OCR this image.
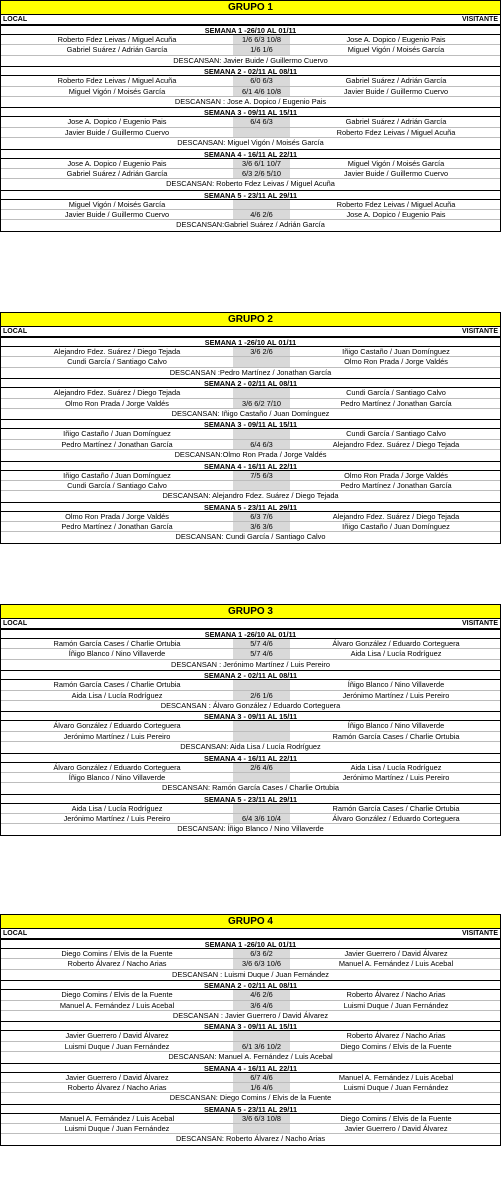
GRUPO 1
LOCAL	VISITANTE
SEMANA 1 -26/10 AL 01/11
Roberto Fdez Leivas / Miguel Acuña	1/6 6/3 10/8	Jose A. Dopico / Eugenio Pais
Gabriel Suárez / Adrián García	1/6 1/6	Miguel Vigón / Moisés García
DESCANSAN: Javier Buide / Guillermo Cuervo
SEMANA 2 - 02/11 AL 08/11
Roberto Fdez Leivas / Miguel Acuña	6/0 6/3	Gabriel Suárez / Adrián García
Miguel Vigón / Moisés García	6/1 4/6 10/8	Javier Buide / Guillermo Cuervo
DESCANSAN : Jose A. Dopico / Eugenio Pais
SEMANA 3 - 09/11 AL 15/11
Jose A. Dopico / Eugenio Pais	6/4 6/3	Gabriel Suárez / Adrián García
Javier Buide / Guillermo Cuervo	Roberto Fdez Leivas / Miguel Acuña
DESCANSAN: Miguel Vigón / Moisés García
SEMANA 4 - 16/11 AL 22/11
Jose A. Dopico / Eugenio Pais	3/6 6/1 10/7	Miguel Vigón / Moisés García
Gabriel Suárez / Adrián García	6/3 2/6 5/10	Javier Buide / Guillermo Cuervo
DESCANSAN: Roberto Fdez Leivas / Miguel Acuña
SEMANA 5 - 23/11 AL 29/11
Miguel Vigón / Moisés García	Roberto Fdez Leivas / Miguel Acuña
Javier Buide / Guillermo Cuervo	4/6 2/6	Jose A. Dopico / Eugenio Pais
DESCANSAN:Gabriel Suárez / Adrián García
GRUPO 2
LOCAL	VISITANTE
SEMANA 1 -26/10 AL 01/11
Alejandro Fdez. Suárez / Diego Tejada	3/6 2/6	Iñigo Castaño / Juan Domínguez
Cundi García / Santiago Calvo	Olmo Ron Prada / Jorge Valdés
DESCANSAN :Pedro Martínez / Jonathan García
SEMANA 2 - 02/11 AL 08/11
Alejandro Fdez. Suárez / Diego Tejada	Cundi García / Santiago Calvo
Olmo Ron Prada / Jorge Valdés	3/6 6/2 7/10	Pedro Martínez / Jonathan García
DESCANSAN: Iñigo Castaño / Juan Domínguez
SEMANA 3 - 09/11 AL 15/11
Iñigo Castaño / Juan Domínguez	Cundi García / Santiago Calvo
Pedro Martínez / Jonathan García	6/4 6/3	Alejandro Fdez. Suárez / Diego Tejada
DESCANSAN:Olmo Ron Prada / Jorge Valdés
SEMANA 4 - 16/11 AL 22/11
Iñigo Castaño / Juan Domínguez	7/5 6/3	Olmo Ron Prada / Jorge Valdés
Cundi García / Santiago Calvo	Pedro Martínez / Jonathan García
DESCANSAN: Alejandro Fdez. Suárez / Diego Tejada
SEMANA 5 - 23/11 AL 29/11
Olmo Ron Prada / Jorge Valdés	6/3 7/6	Alejandro Fdez. Suárez / Diego Tejada
Pedro Martínez / Jonathan García	3/6 3/6	Iñigo Castaño / Juan Domínguez
DESCANSAN: Cundi García / Santiago Calvo
GRUPO 3
LOCAL	VISITANTE
SEMANA 1 -26/10 AL 01/11
Ramón García Cases / Charlie Ortubia	5/7 4/6	Álvaro González / Eduardo Corteguera
Íñigo Blanco / Nino Villaverde	5/7 4/6	Aida Lisa / Lucía Rodríguez
DESCANSAN : Jerónimo Martínez / Luis Pereiro
SEMANA 2 - 02/11 AL 08/11
Ramón García Cases / Charlie Ortubia	Íñigo Blanco / Nino Villaverde
Aida Lisa / Lucía Rodríguez	2/6 1/6	Jerónimo Martínez / Luis Pereiro
DESCANSAN : Álvaro González / Eduardo Corteguera
SEMANA 3 - 09/11 AL 15/11
Álvaro González / Eduardo Corteguera	Íñigo Blanco / Nino Villaverde
Jerónimo Martínez / Luis Pereiro	Ramón García Cases / Charlie Ortubia
DESCANSAN: Aida Lisa / Lucía Rodríguez
SEMANA 4 - 16/11 AL 22/11
Álvaro González / Eduardo Corteguera	2/6 4/6	Aida Lisa / Lucía Rodríguez
Íñigo Blanco / Nino Villaverde	Jerónimo Martínez / Luis Pereiro
DESCANSAN: Ramón García Cases / Charlie Ortubia
SEMANA 5 - 23/11 AL 29/11
Aida Lisa / Lucía Rodríguez	Ramón García Cases / Charlie Ortubia
Jerónimo Martínez / Luis Pereiro	6/4 3/6 10/4	Álvaro González / Eduardo Corteguera
DESCANSAN: Íñigo Blanco / Nino Villaverde
GRUPO 4
LOCAL	VISITANTE
SEMANA 1 -26/10 AL 01/11
Diego Comins / Elvis de la Fuente	6/3 6/2	Javier Guerrero / David Álvarez
Roberto Álvarez / Nacho Arias	3/6 6/3 10/6	Manuel A. Fernández / Luis Acebal
DESCANSAN : Luismi Duque / Juan Fernández
SEMANA 2 - 02/11 AL 08/11
Diego Comins / Elvis de la Fuente	4/6 2/6	Roberto Álvarez / Nacho Arias
Manuel A. Fernández / Luis Acebal	3/6 4/6	Luismi Duque / Juan Fernández
DESCANSAN : Javier Guerrero / David Álvarez
SEMANA 3 - 09/11 AL 15/11
Javier Guerrero / David Álvarez	Roberto Álvarez / Nacho Arias
Luismi Duque / Juan Fernández	6/1 3/6 10/2	Diego Comins / Elvis de la Fuente
DESCANSAN: Manuel A. Fernández / Luis Acebal
SEMANA 4 - 16/11 AL 22/11
Javier Guerrero / David Álvarez	6/7 4/6	Manuel A. Fernández / Luis Acebal
Roberto Álvarez / Nacho Arias	1/6 4/6	Luismi Duque / Juan Fernández
DESCANSAN: Diego Comins / Elvis de la Fuente
SEMANA 5 - 23/11 AL 29/11
Manuel A. Fernández / Luis Acebal	3/6 6/3 10/8	Diego Comins / Elvis de la Fuente
Luismi Duque / Juan Fernández	Javier Guerrero / David Álvarez
DESCANSAN: Roberto Álvarez / Nacho Arias
